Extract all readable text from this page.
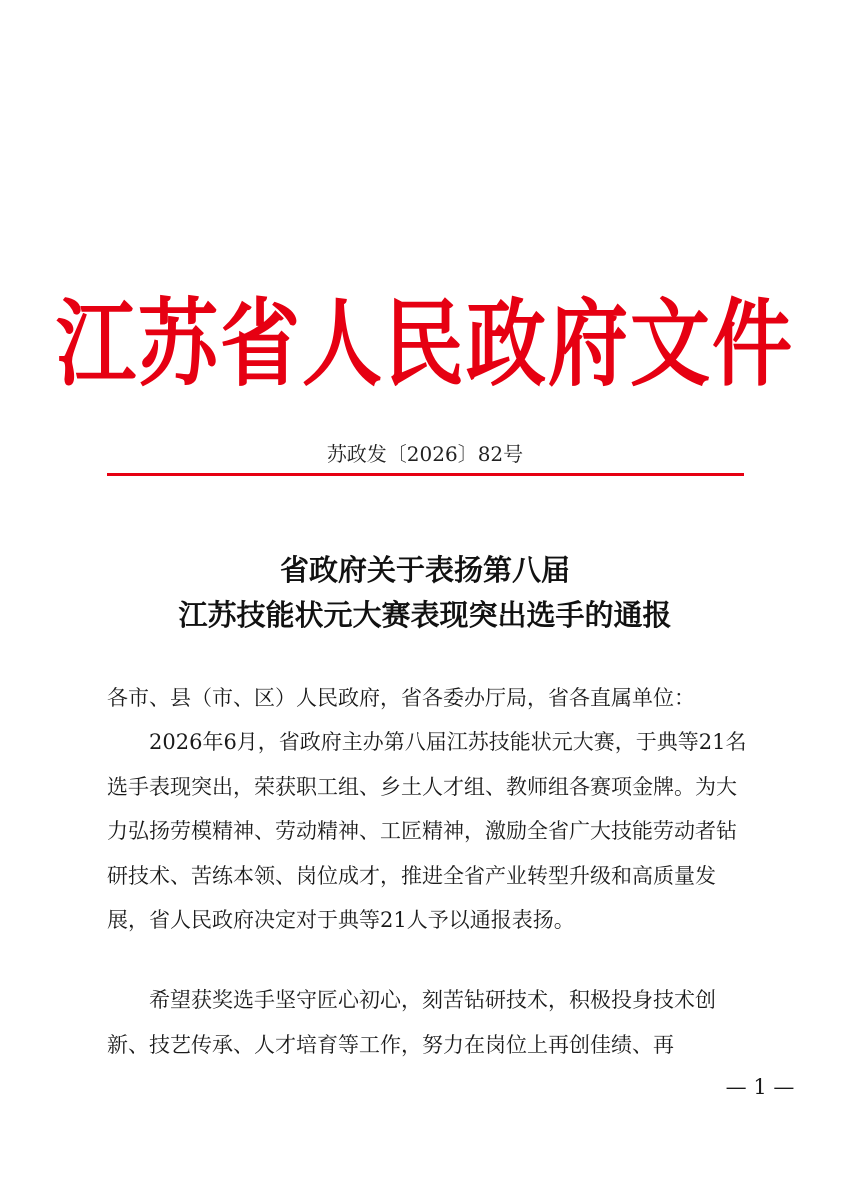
江苏省人民政府文件
苏政发〔2026〕82号
省政府关于表扬第八届
江苏技能状元大赛表现突出选手的通报
各市、县（市、区）人民政府，省各委办厅局，省各直属单位：
2026年6月，省政府主办第八届江苏技能状元大赛，于典等21名选手表现突出，荣获职工组、乡土人才组、教师组各赛项金牌。为大力弘扬劳模精神、劳动精神、工匠精神，激励全省广大技能劳动者钻研技术、苦练本领、岗位成才，推进全省产业转型升级和高质量发展，省人民政府决定对于典等21人予以通报表扬。
希望获奖选手坚守匠心初心，刻苦钻研技术，积极投身技术创新、技艺传承、人才培育等工作，努力在岗位上再创佳绩、再
— 1 —
